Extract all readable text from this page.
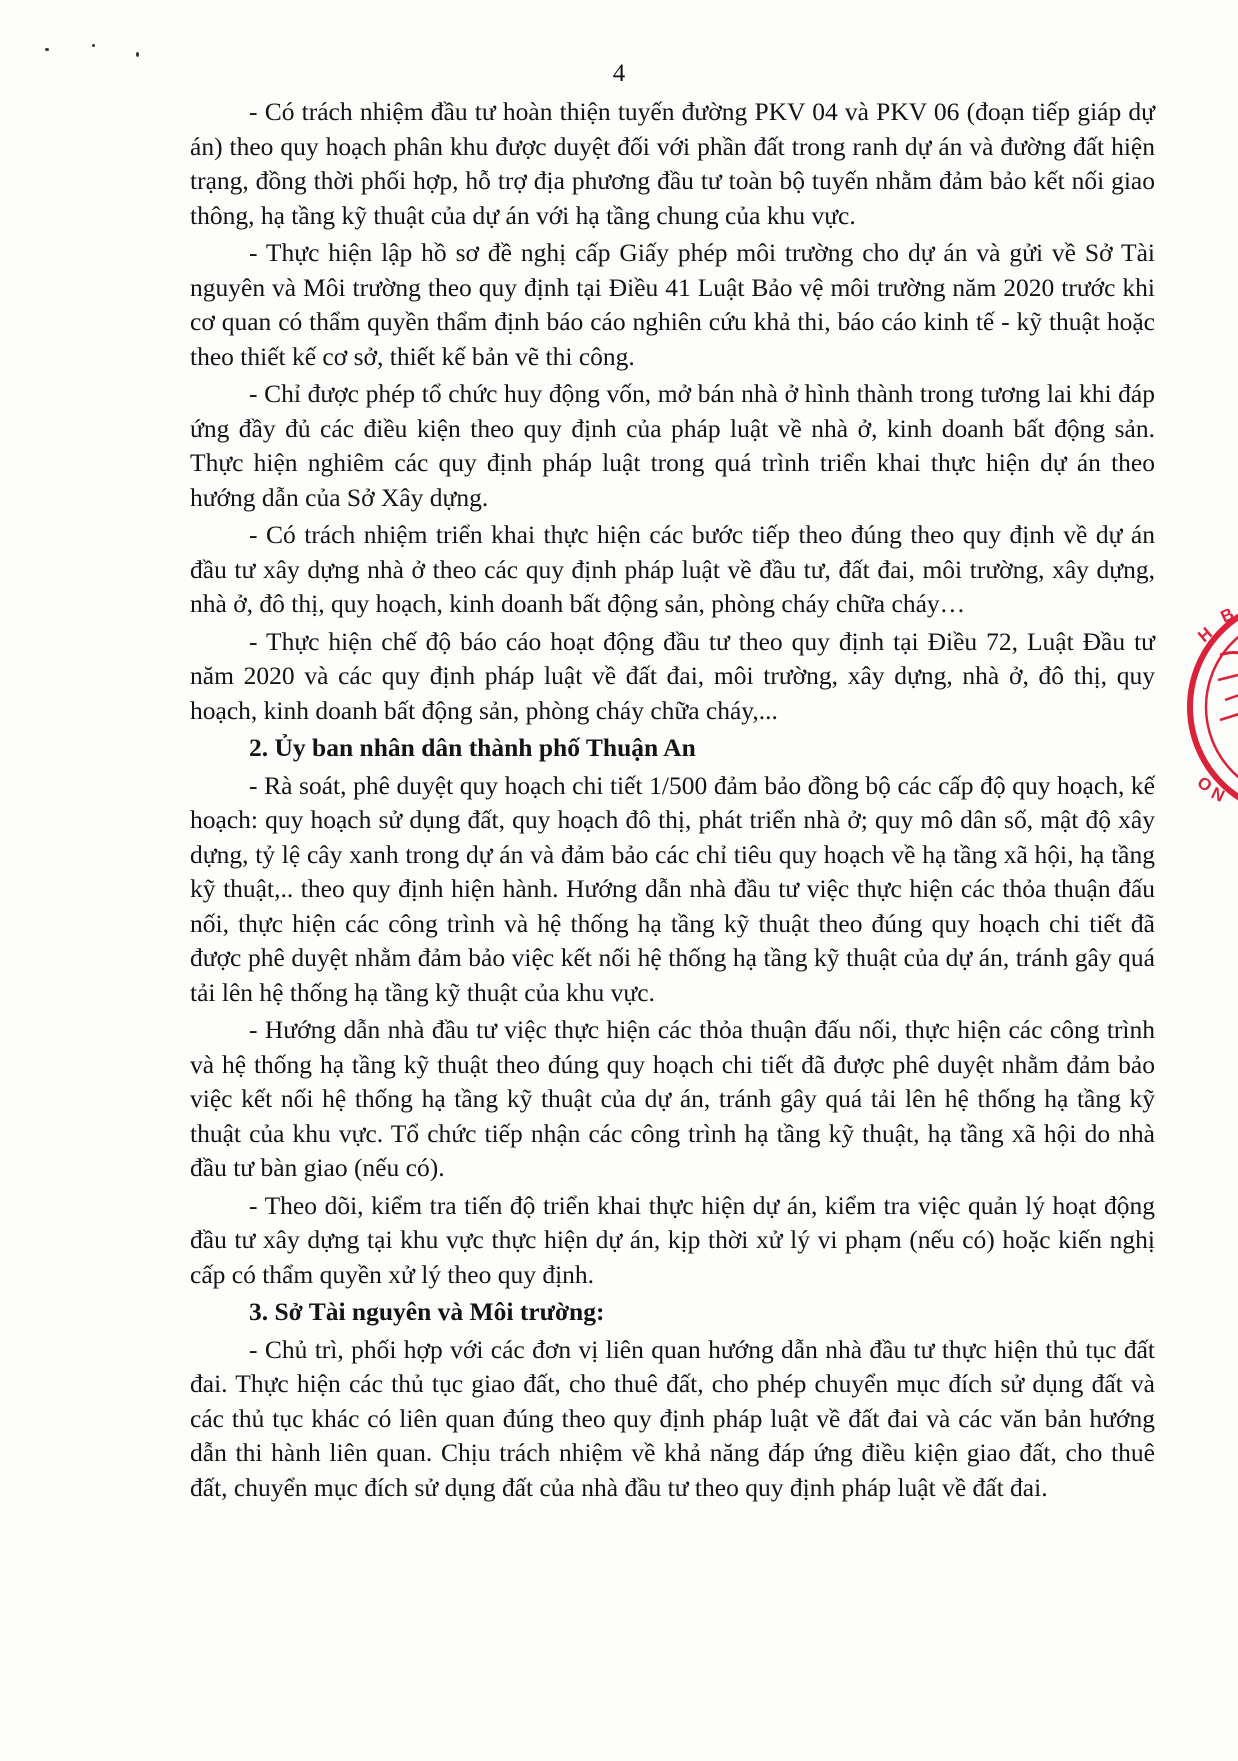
4

- Có trách nhiệm đầu tư hoàn thiện tuyến đường PKV 04 và PKV 06 (đoạn tiếp giáp dự án) theo quy hoạch phân khu được duyệt đối với phần đất trong ranh dự án và đường đất hiện trạng, đồng thời phối hợp, hỗ trợ địa phương đầu tư toàn bộ tuyến nhằm đảm bảo kết nối giao thông, hạ tầng kỹ thuật của dự án với hạ tầng chung của khu vực.

- Thực hiện lập hồ sơ đề nghị cấp Giấy phép môi trường cho dự án và gửi về Sở Tài nguyên và Môi trường theo quy định tại Điều 41 Luật Bảo vệ môi trường năm 2020 trước khi cơ quan có thẩm quyền thẩm định báo cáo nghiên cứu khả thi, báo cáo kinh tế - kỹ thuật hoặc theo thiết kế cơ sở, thiết kế bản vẽ thi công.

- Chỉ được phép tổ chức huy động vốn, mở bán nhà ở hình thành trong tương lai khi đáp ứng đầy đủ các điều kiện theo quy định của pháp luật về nhà ở, kinh doanh bất động sản. Thực hiện nghiêm các quy định pháp luật trong quá trình triển khai thực hiện dự án theo hướng dẫn của Sở Xây dựng.

- Có trách nhiệm triển khai thực hiện các bước tiếp theo đúng theo quy định về dự án đầu tư xây dựng nhà ở theo các quy định pháp luật về đầu tư, đất đai, môi trường, xây dựng, nhà ở, đô thị, quy hoạch, kinh doanh bất động sản, phòng cháy chữa cháy…

- Thực hiện chế độ báo cáo hoạt động đầu tư theo quy định tại Điều 72, Luật Đầu tư năm 2020 và các quy định pháp luật về đất đai, môi trường, xây dựng, nhà ở, đô thị, quy hoạch, kinh doanh bất động sản, phòng cháy chữa cháy,...

2. Ủy ban nhân dân thành phố Thuận An

- Rà soát, phê duyệt quy hoạch chi tiết 1/500 đảm bảo đồng bộ các cấp độ quy hoạch, kế hoạch: quy hoạch sử dụng đất, quy hoạch đô thị, phát triển nhà ở; quy mô dân số, mật độ xây dựng, tỷ lệ cây xanh trong dự án và đảm bảo các chỉ tiêu quy hoạch về hạ tầng xã hội, hạ tầng kỹ thuật,.. theo quy định hiện hành. Hướng dẫn nhà đầu tư việc thực hiện các thỏa thuận đấu nối, thực hiện các công trình và hệ thống hạ tầng kỹ thuật theo đúng quy hoạch chi tiết đã được phê duyệt nhằm đảm bảo việc kết nối hệ thống hạ tầng kỹ thuật của dự án, tránh gây quá tải lên hệ thống hạ tầng kỹ thuật của khu vực.

- Hướng dẫn nhà đầu tư việc thực hiện các thỏa thuận đấu nối, thực hiện các công trình và hệ thống hạ tầng kỹ thuật theo đúng quy hoạch chi tiết đã được phê duyệt nhằm đảm bảo việc kết nối hệ thống hạ tầng kỹ thuật của dự án, tránh gây quá tải lên hệ thống hạ tầng kỹ thuật của khu vực. Tổ chức tiếp nhận các công trình hạ tầng kỹ thuật, hạ tầng xã hội do nhà đầu tư bàn giao (nếu có).

- Theo dõi, kiểm tra tiến độ triển khai thực hiện dự án, kiểm tra việc quản lý hoạt động đầu tư xây dựng tại khu vực thực hiện dự án, kịp thời xử lý vi phạm (nếu có) hoặc kiến nghị cấp có thẩm quyền xử lý theo quy định.

3. Sở Tài nguyên và Môi trường:

- Chủ trì, phối hợp với các đơn vị liên quan hướng dẫn nhà đầu tư thực hiện thủ tục đất đai. Thực hiện các thủ tục giao đất, cho thuê đất, cho phép chuyển mục đích sử dụng đất và các thủ tục khác có liên quan đúng theo quy định pháp luật về đất đai và các văn bản hướng dẫn thi hành liên quan. Chịu trách nhiệm về khả năng đáp ứng điều kiện giao đất, cho thuê đất, chuyển mục đích sử dụng đất của nhà đầu tư theo quy định pháp luật về đất đai.

H
B
O
N
